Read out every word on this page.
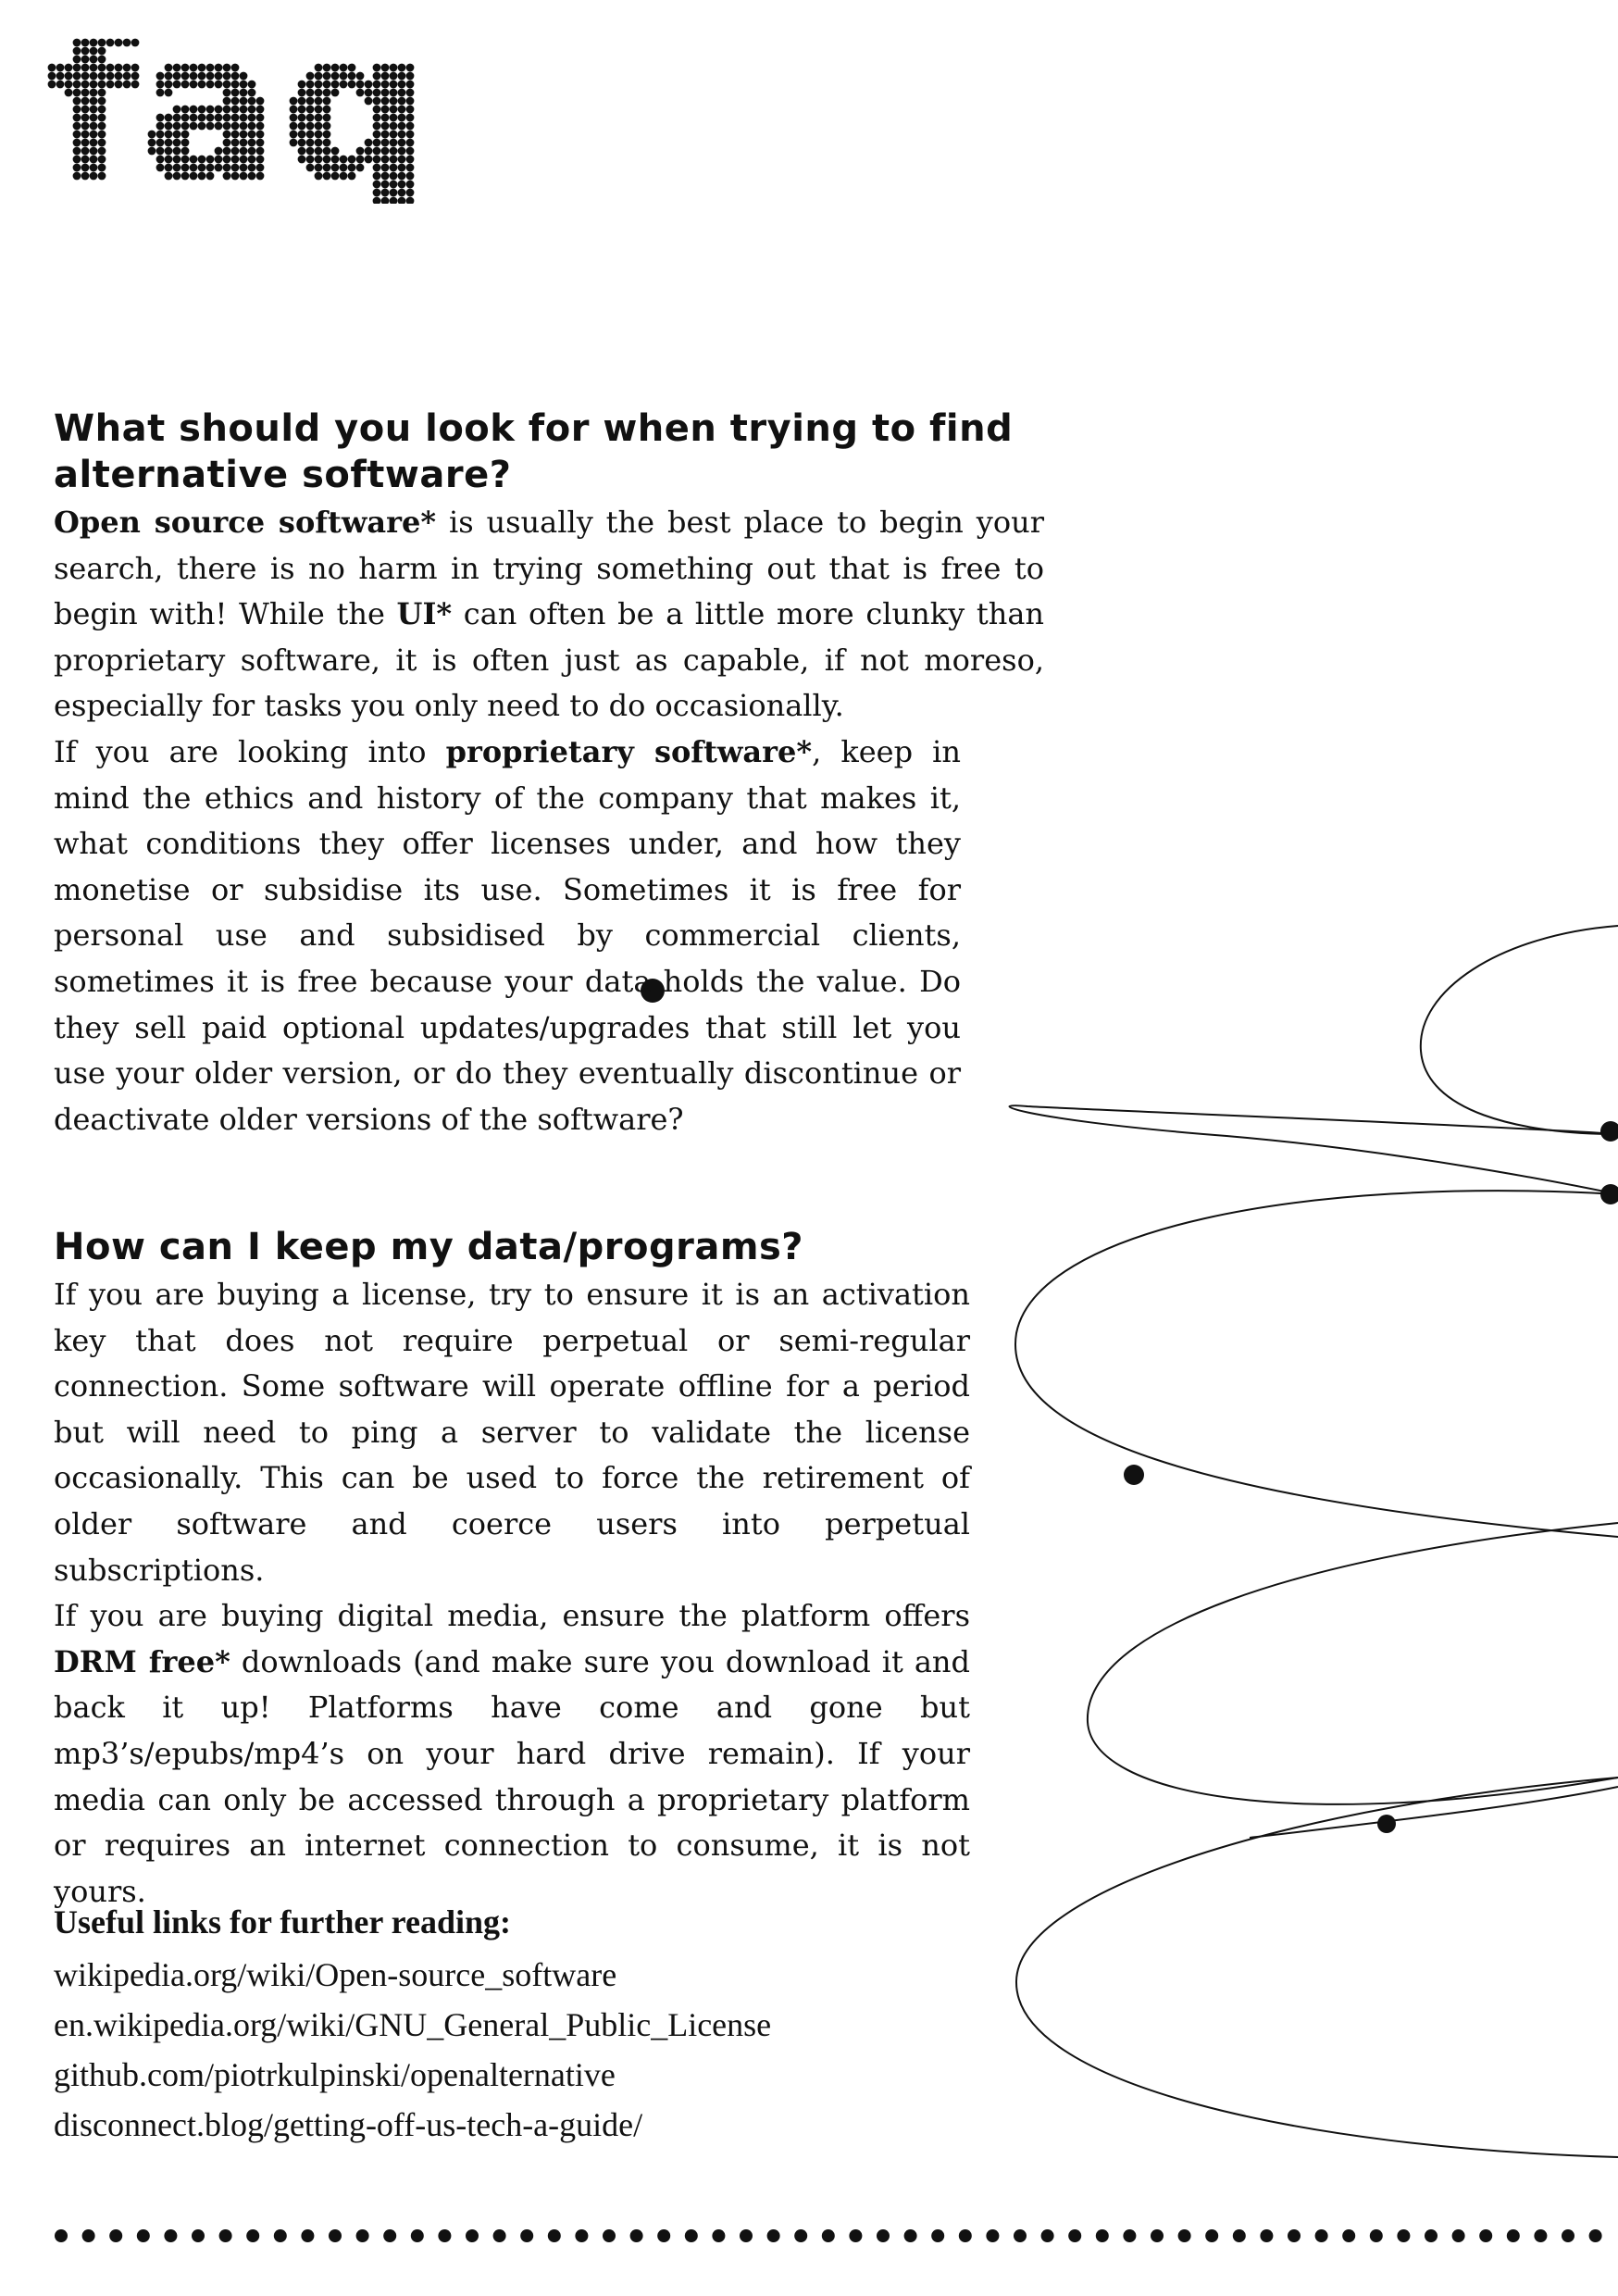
What should you look for when trying to find alternative software?

Open source software* is usually the best place to begin your search, there is no harm in trying something out that is free to begin with! While the UI* can often be a little more clunky than proprietary software, it is often just as capable, if not moreso, especially for tasks you only need to do occasionally.

If you are looking into proprietary software*, keep in mind the ethics and history of the company that makes it, what conditions they offer licenses under, and how they monetise or subsidise its use. Sometimes it is free for personal use and subsidised by commercial clients, sometimes it is free because your data holds the value. Do they sell paid optional updates/upgrades that still let you use your older version, or do they eventually discontinue or deactivate older versions of the software?

How can I keep my data/programs?

If you are buying a license, try to ensure it is an activation key that does not require perpetual or semi-regular connection. Some software will operate offline for a period but will need to ping a server to validate the license occasionally. This can be used to force the retirement of older software and coerce users into perpetual subscriptions.

If you are buying digital media, ensure the platform offers DRM free* downloads (and make sure you download it and back it up! Platforms have come and gone but mp3’s/epubs/mp4’s on your hard drive remain). If your media can only be accessed through a proprietary platform or requires an internet connection to consume, it is not yours.

Useful links for further reading:
wikipedia.org/wiki/Open-source_software
en.wikipedia.org/wiki/GNU_General_Public_License
github.com/piotrkulpinski/openalternative
disconnect.blog/getting-off-us-tech-a-guide/
